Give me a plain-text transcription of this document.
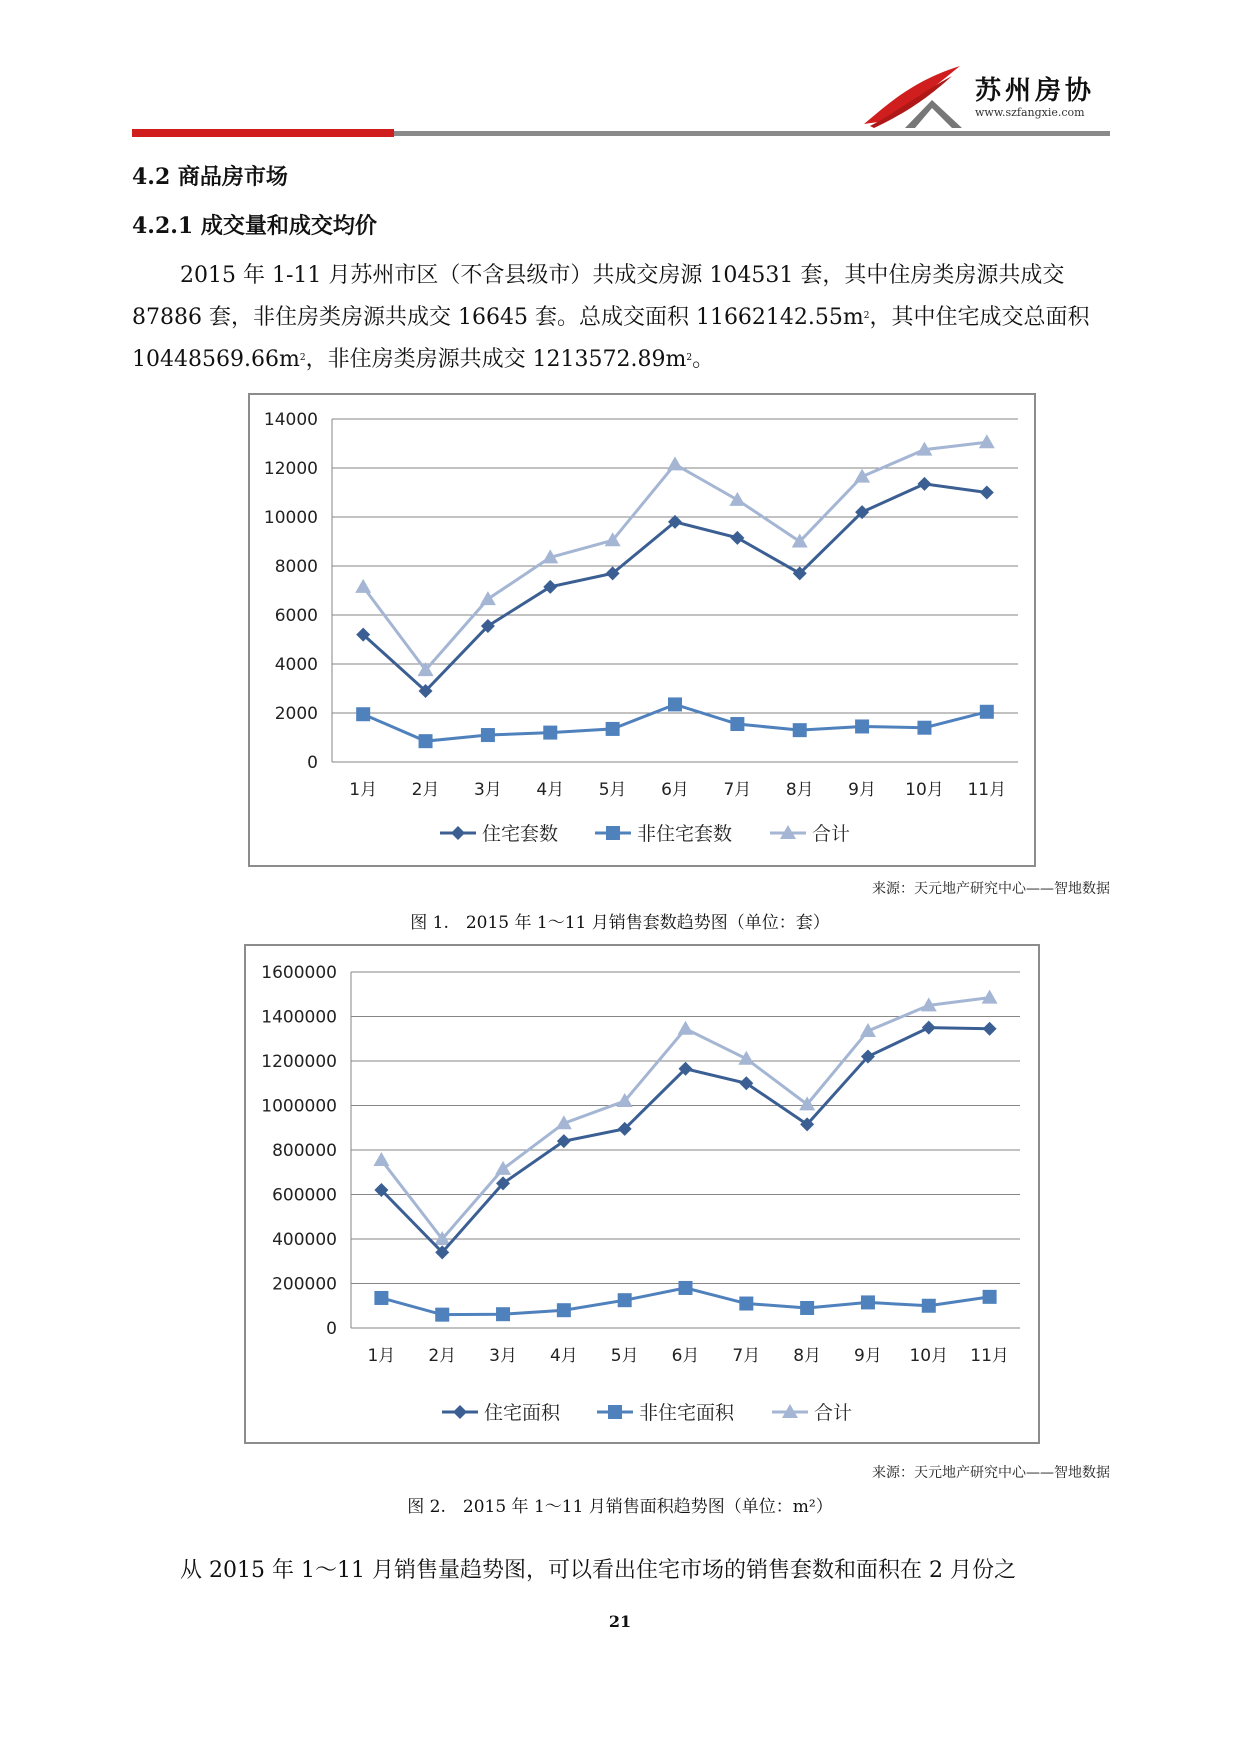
苏州房协
www.szfangxie.com
4.2 商品房市场
4.2.1 成交量和成交均价

2015 年 1-11 月苏州市区（不含县级市）共成交房源 104531 套，其中住房类房源共成交 87886 套，非住房类房源共成交 16645 套。总成交面积 $11662142.55m^2$，其中住宅成交总面积 $10448569.66m^2$，非住房类房源共成交 $1213572.89m^2$。

0
2000
4000
6000
8000
10000
12000
14000
1月 2月 3月 4月 5月 6月 7月 8月 9月 10月 11月
住宅套数	非住宅套数	合计
来源：天元地产研究中心——智地数据
图 1.　2015 年 1～11 月销售套数趋势图（单位：套）
0
200000
400000
600000
800000
1000000
1200000
1400000
1600000
1月 2月 3月 4月 5月 6月 7月 8月 9月 10月 11月
住宅面积	非住宅面积	合计
来源：天元地产研究中心——智地数据
图 2.　2015 年 1～11 月销售面积趋势图（单位：m²）

从 2015 年 1～11 月销售量趋势图，可以看出住宅市场的销售套数和面积在 2 月份之

21
